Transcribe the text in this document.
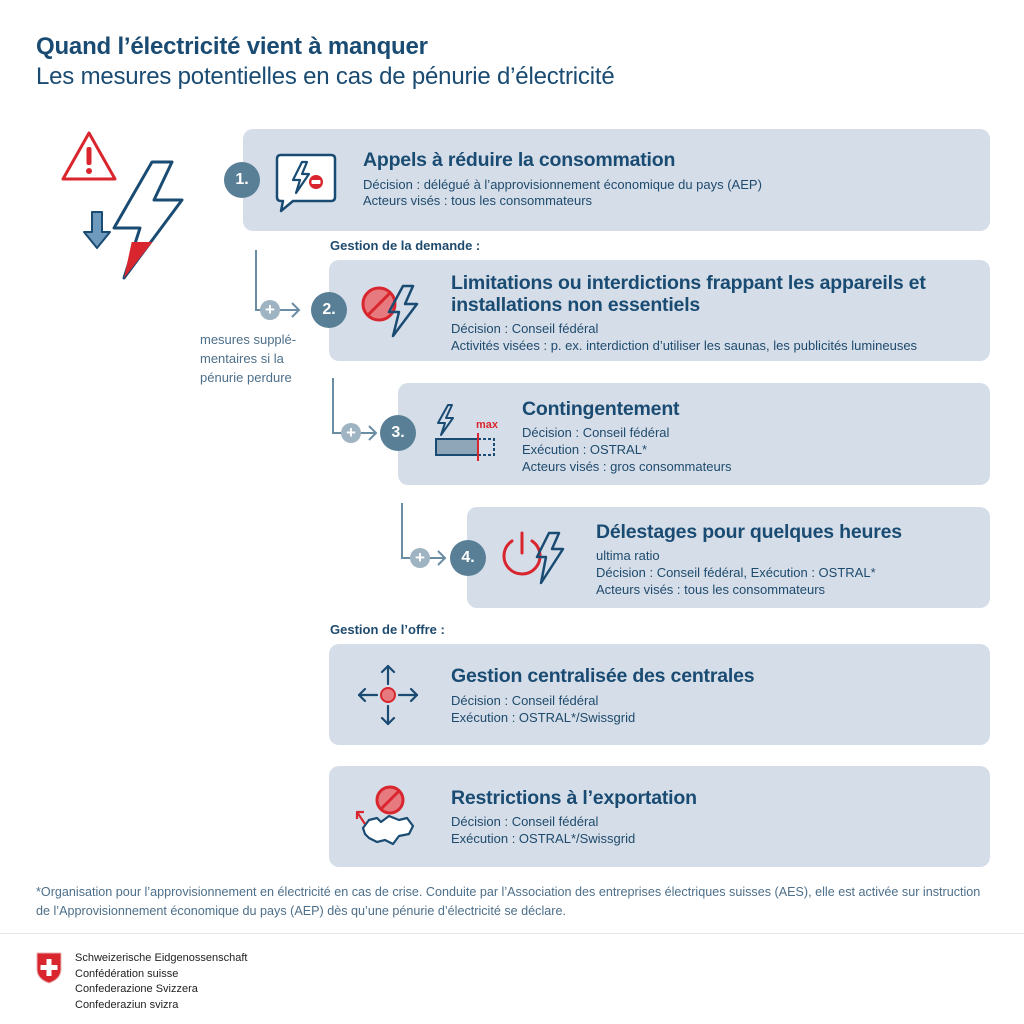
Quand l’électricité vient à manquer
Les mesures potentielles en cas de pénurie d’électricité
mesures supplé-
mentaires si la
pénurie perdure
+
+
+
Appels à réduire la consommation
Décision : délégué à l’approvisionnement économique du pays (AEP)
Acteurs visés : tous les consommateurs
1.
Gestion de la demande :
Limitations ou interdictions frappant les appareils et
installations non essentiels
Décision : Conseil fédéral
Activités visées : p. ex. interdiction d’utiliser les saunas, les publicités lumineuses
2.
max
Contingentement
Décision : Conseil fédéral
Exécution : OSTRAL*
Acteurs visés : gros consommateurs
3.
Délestages pour quelques heures
ultima ratio
Décision : Conseil fédéral, Exécution : OSTRAL*
Acteurs visés : tous les consommateurs
4.
Gestion de l’offre :
Gestion centralisée des centrales
Décision : Conseil fédéral
Exécution : OSTRAL*/Swissgrid
Restrictions à l’exportation
Décision : Conseil fédéral
Exécution : OSTRAL*/Swissgrid
*Organisation pour l’approvisionnement en électricité en cas de crise. Conduite par l’Association des entreprises électriques suisses (AES), elle est activée sur instruction de l’Approvisionnement économique du pays (AEP) dès qu’une pénurie d’électricité se déclare.
Schweizerische Eidgenossenschaft
Confédération suisse
Confederazione Svizzera
Confederaziun svizra
